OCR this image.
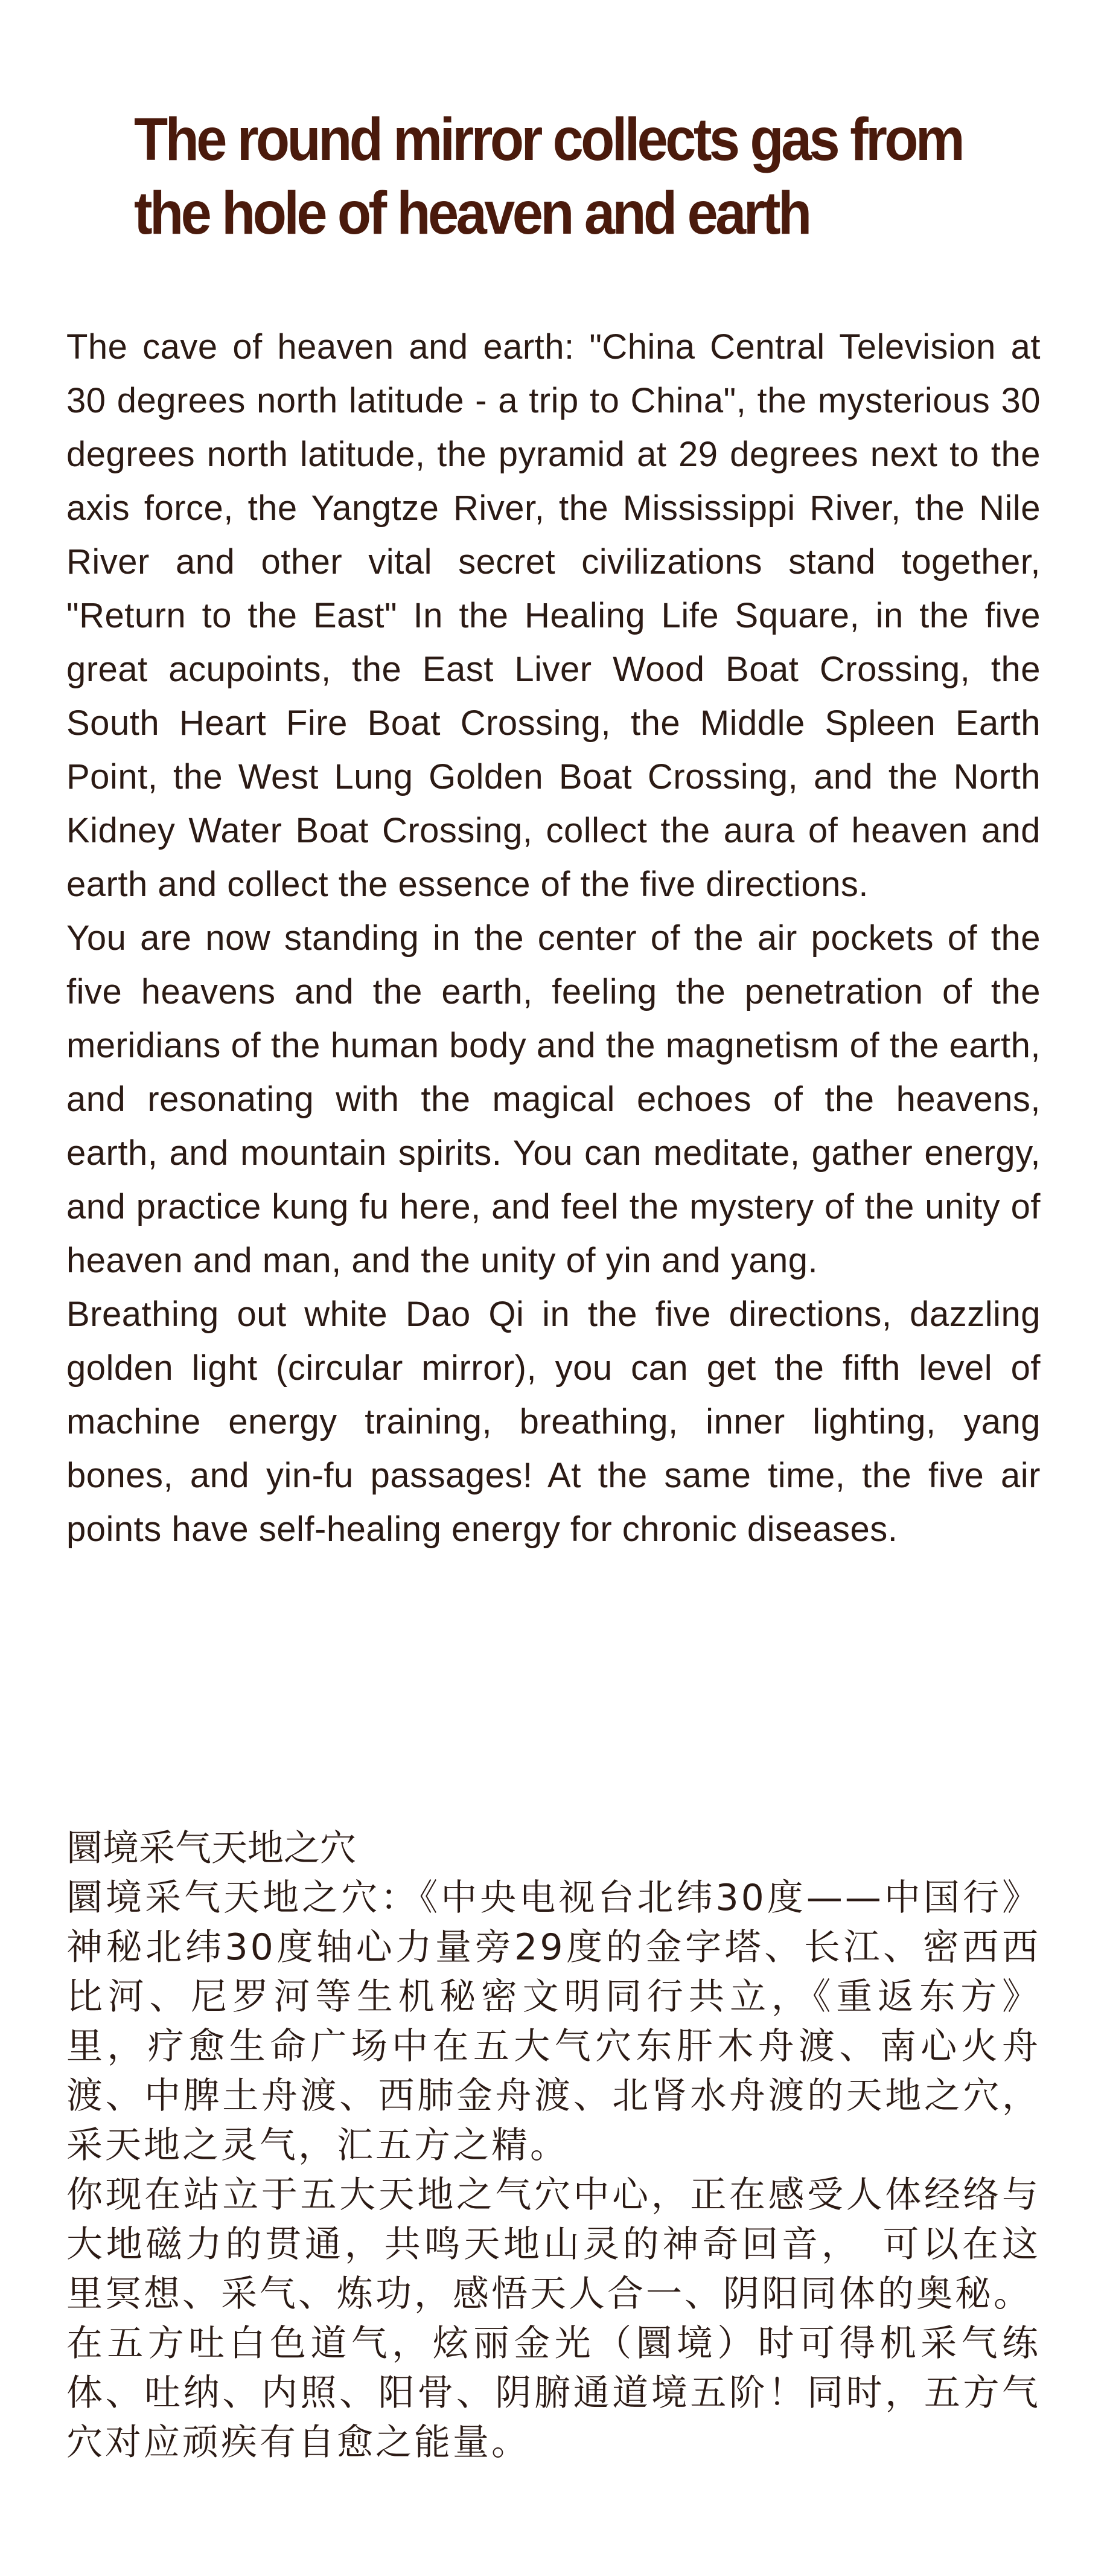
The round mirror collects gas from
the hole of heaven and earth

The cave of heaven and earth: "China Central Television at 30 degrees north latitude - a trip to China", the mysterious 30 degrees north latitude, the pyramid at 29 degrees next to the axis force, the Yangtze River, the Mississippi River, the Nile River and other vital secret civilizations stand together, "Return to the East" In the Healing Life Square, in the five great acupoints, the East Liver Wood Boat Crossing, the South Heart Fire Boat Crossing, the Middle Spleen Earth Point, the West Lung Golden Boat Crossing, and the North Kidney Water Boat Crossing, collect the aura of heaven and earth and collect the essence of the five directions.

You are now standing in the center of the air pockets of the five heavens and the earth, feeling the penetration of the meridians of the human body and the magnetism of the earth, and resonating with the magical echoes of the heavens, earth, and mountain spirits. You can meditate, gather energy, and practice kung fu here, and feel the mystery of the unity of heaven and man, and the unity of yin and yang.

Breathing out white Dao Qi in the five directions, dazzling golden light (circular mirror), you can get the fifth level of machine energy training, breathing, inner lighting, yang bones, and yin-fu passages! At the same time, the five air points have self-healing energy for chronic diseases.

圜境采气天地之穴

圜境采气天地之穴：《中央电视台北纬30度——中国行》神秘北纬30度轴心力量旁29度的金字塔、长江、密西西比河、尼罗河等生机秘密文明同行共立，《重返东方》里，疗愈生命广场中在五大气穴东肝木舟渡、南心火舟渡、中脾土舟渡、西肺金舟渡、北肾水舟渡的天地之穴，采天地之灵气，汇五方之精。

你现在站立于五大天地之气穴中心，正在感受人体经络与大地磁力的贯通，共鸣天地山灵的神奇回音，　可以在这里冥想、采气、炼功，感悟天人合一、阴阳同体的奥秘。

在五方吐白色道气，炫丽金光（圜境）时可得机采气练体、吐纳、内照、阳骨、阴腑通道境五阶！同时，五方气穴对应顽疾有自愈之能量。
